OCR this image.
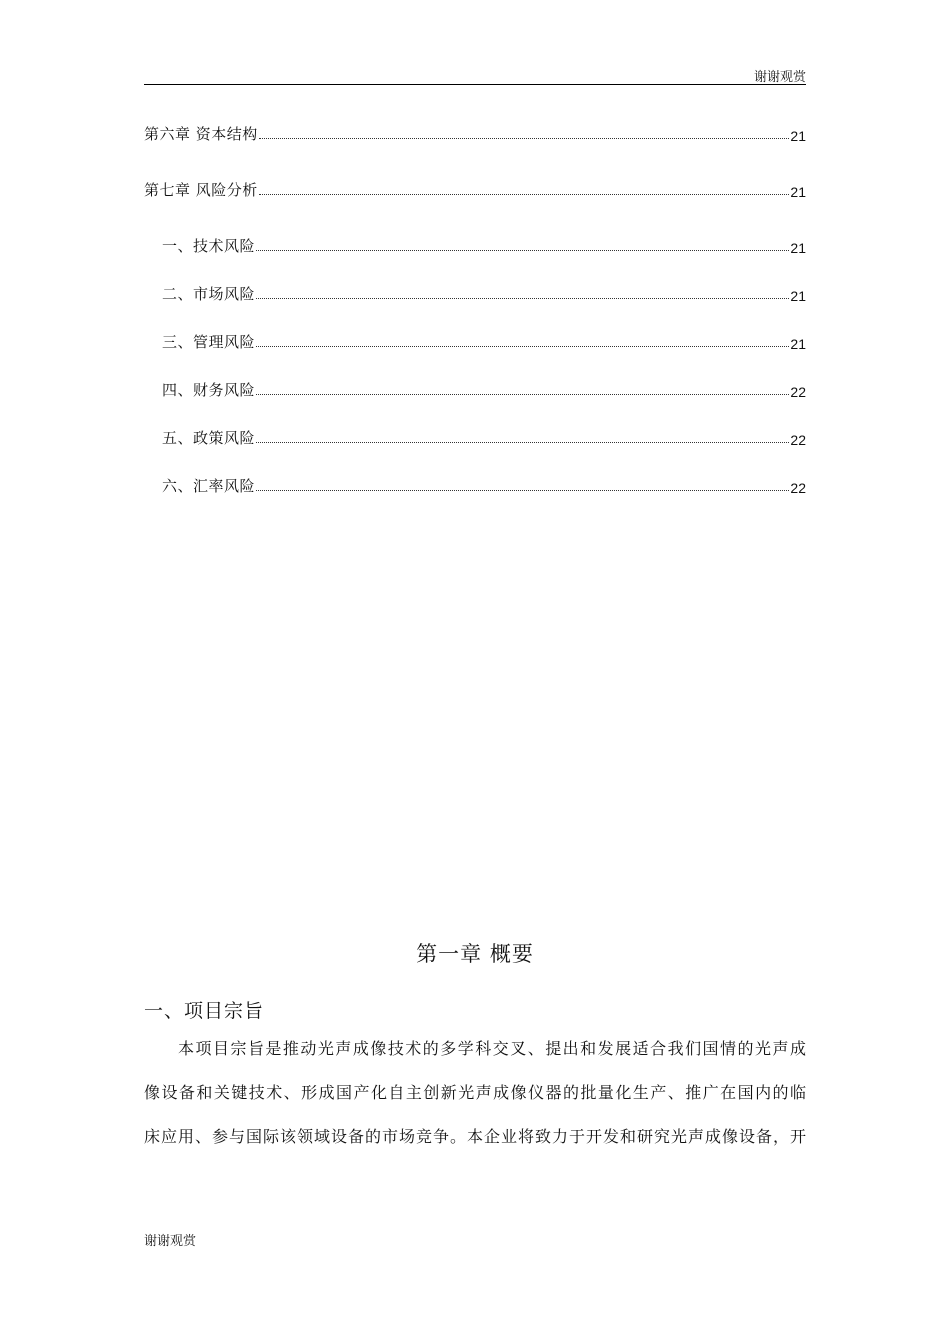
谢谢观赏
第六章 资本结构	21
第七章 风险分析	21
一、技术风险	21
二、市场风险	21
三、管理风险	21
四、财务风险	22
五、政策风险	22
六、汇率风险	22
第一章 概要
一、项目宗旨
本项目宗旨是推动光声成像技术的多学科交叉、提出和发展适合我们国情的光声成
像设备和关键技术、形成国产化自主创新光声成像仪器的批量化生产、推广在国内的临
床应用、参与国际该领域设备的市场竞争。本企业将致力于开发和研究光声成像设备，开
谢谢观赏
